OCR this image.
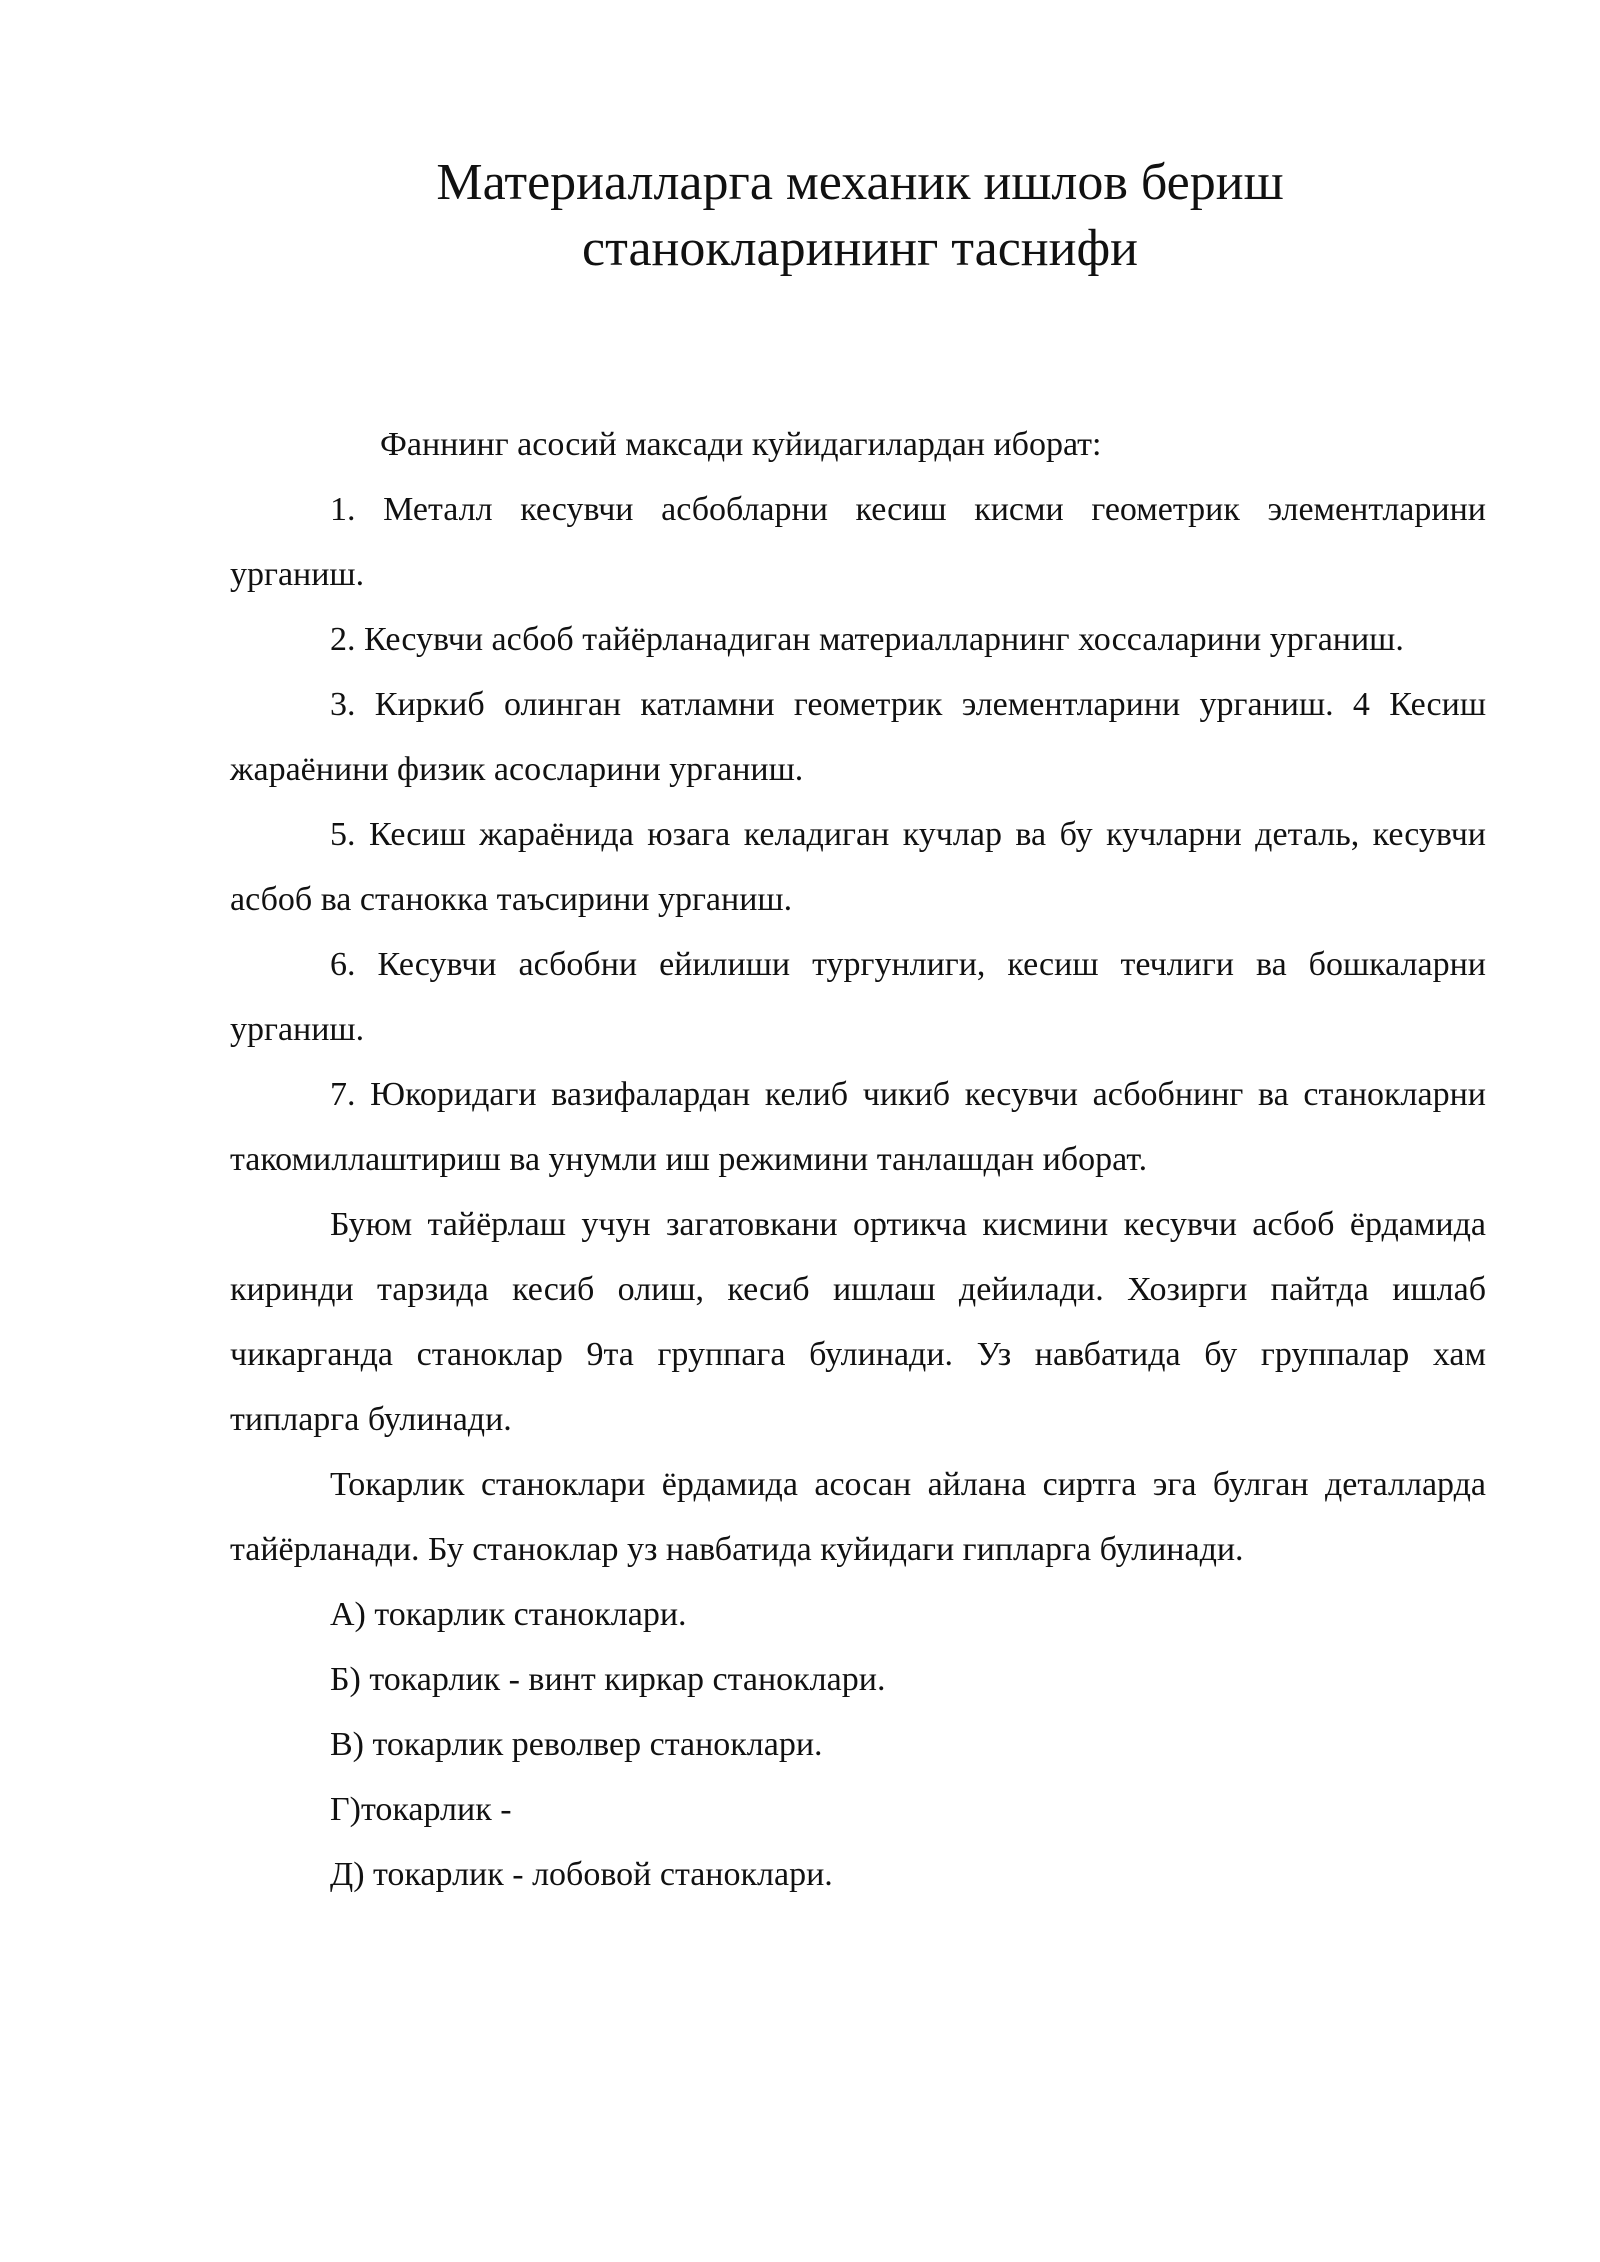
Материалларга механик ишлов бериш
станокларининг таснифи

Фаннинг асосий максади куйидагилардан иборат:

1. Металл кесувчи асбобларни кесиш кисми геометрик элементларини урганиш.

2. Кесувчи асбоб тайёрланадиган материалларнинг хоссаларини урганиш.

3. Киркиб олинган катламни геометрик элементларини урганиш. 4 Кесиш жараёнини физик асосларини урганиш.

5. Кесиш жараёнида юзага келадиган кучлар ва бу кучларни деталь, кесувчи асбоб ва станокка таъсирини урганиш.

6. Кесувчи асбобни ейилиши тургунлиги, кесиш течлиги ва бошкаларни урганиш.

7. Юкоридаги вазифалардан келиб чикиб кесувчи асбобнинг ва станокларни такомиллаштириш ва унумли иш режимини танлашдан иборат.

Буюм тайёрлаш учун загатовкани ортикча кисмини кесувчи асбоб ёрдамида киринди тарзида кесиб олиш, кесиб ишлаш дейилади. Хозирги пайтда ишлаб чикарганда станоклар 9та группага булинади. Уз навбатида бу группалар хам типларга булинади.

Токарлик станоклари ёрдамида асосан айлана сиртга эга булган деталларда тайёрланади. Бу станоклар уз навбатида куйидаги гипларга булинади.

А) токарлик станоклари.

Б) токарлик - винт киркар станоклари.

В) токарлик револвер станоклари.

Г)токарлик -

Д) токарлик - лобовой станоклари.
